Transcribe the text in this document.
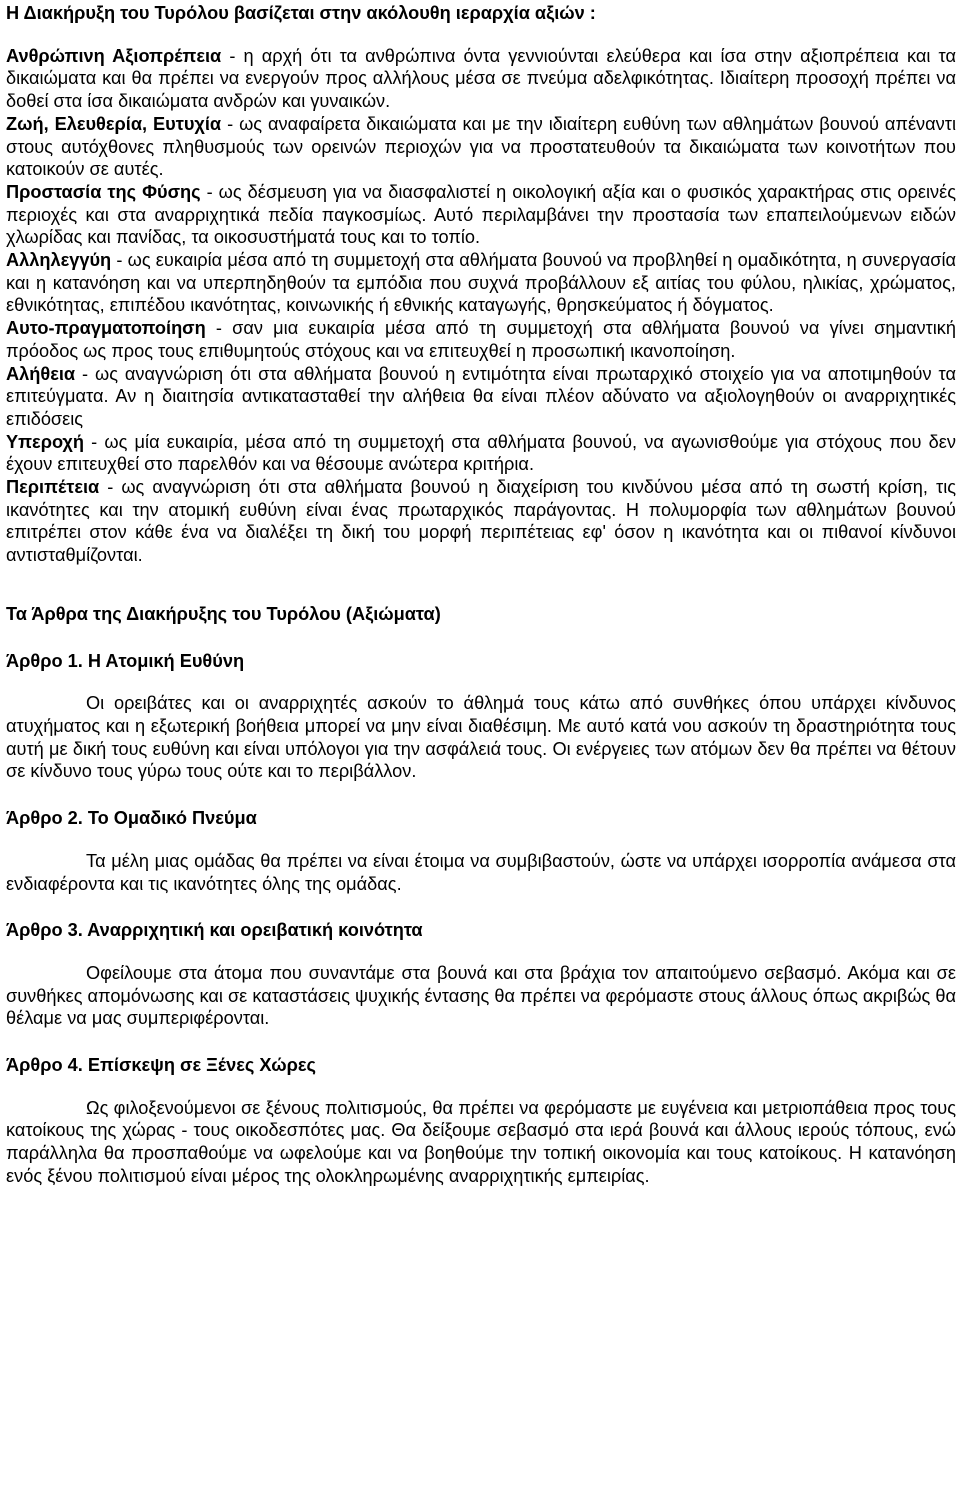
Η Διακήρυξη του Τυρόλου βασίζεται στην ακόλουθη ιεραρχία αξιών :

Ανθρώπινη Αξιοπρέπεια - η αρχή ότι τα ανθρώπινα όντα γεννιούνται ελεύθερα και ίσα στην αξιοπρέπεια και τα δικαιώματα και θα πρέπει να ενεργούν προς αλλήλους μέσα σε πνεύμα αδελφικότητας. Ιδιαίτερη προσοχή πρέπει να δοθεί στα ίσα δικαιώματα ανδρών και γυναικών.

Ζωή, Ελευθερία, Ευτυχία - ως αναφαίρετα δικαιώματα και με την ιδιαίτερη ευθύνη των αθλημάτων βουνού απέναντι στους αυτόχθονες πληθυσμούς των ορεινών περιοχών για να προστατευθούν τα δικαιώματα των κοινοτήτων που κατοικούν σε αυτές.

Προστασία της Φύσης - ως δέσμευση για να διασφαλιστεί η οικολογική αξία και ο φυσικός χαρακτήρας στις ορεινές περιοχές και στα αναρριχητικά πεδία παγκοσμίως. Αυτό περιλαμβάνει την προστασία των επαπειλούμενων ειδών χλωρίδας και πανίδας, τα οικοσυστήματά τους και το τοπίο.

Αλληλεγγύη - ως ευκαιρία μέσα από τη συμμετοχή στα αθλήματα βουνού να προβληθεί η ομαδικότητα, η συνεργασία και η κατανόηση και να υπερπηδηθούν τα εμπόδια που συχνά προβάλλουν εξ αιτίας του φύλου, ηλικίας, χρώματος, εθνικότητας, επιπέδου ικανότητας, κοινωνικής ή εθνικής καταγωγής, θρησκεύματος ή δόγματος.

Αυτο-πραγματοποίηση - σαν μια ευκαιρία μέσα από τη συμμετοχή στα αθλήματα βουνού να γίνει σημαντική πρόοδος ως προς τους επιθυμητούς στόχους και να επιτευχθεί η προσωπική ικανοποίηση.

Αλήθεια - ως αναγνώριση ότι στα αθλήματα βουνού η εντιμότητα είναι πρωταρχικό στοιχείο για να αποτιμηθούν τα επιτεύγματα. Αν η διαιτησία αντικατασταθεί την αλήθεια θα είναι πλέον αδύνατο να αξιολογηθούν οι αναρριχητικές επιδόσεις

Υπεροχή - ως μία ευκαιρία, μέσα από τη συμμετοχή στα αθλήματα βουνού, να αγωνισθούμε για στόχους που δεν έχουν επιτευχθεί στο παρελθόν και να θέσουμε ανώτερα κριτήρια.

Περιπέτεια - ως αναγνώριση ότι στα αθλήματα βουνού η διαχείριση του κινδύνου μέσα από τη σωστή κρίση, τις ικανότητες και την ατομική ευθύνη είναι ένας πρωταρχικός παράγοντας. Η πολυμορφία των αθλημάτων βουνού επιτρέπει στον κάθε ένα να διαλέξει τη δική του μορφή περιπέτειας εφ' όσον η ικανότητα και οι πιθανοί κίνδυνοι αντισταθμίζονται.

Τα Άρθρα της Διακήρυξης του Τυρόλου (Αξιώματα)
Άρθρο 1. Η Ατομική Ευθύνη

Οι ορειβάτες και οι αναρριχητές ασκούν το άθλημά τους κάτω από συνθήκες όπου υπάρχει κίνδυνος ατυχήματος και η εξωτερική βοήθεια μπορεί να μην είναι διαθέσιμη. Με αυτό κατά νου ασκούν τη δραστηριότητα τους αυτή με δική τους ευθύνη και είναι υπόλογοι για την ασφάλειά τους. Οι ενέργειες των ατόμων δεν θα πρέπει να θέτουν σε κίνδυνο τους γύρω τους ούτε και το περιβάλλον.

Άρθρο 2. Το Ομαδικό Πνεύμα

Τα μέλη μιας ομάδας θα πρέπει να είναι έτοιμα να συμβιβαστούν, ώστε να υπάρχει ισορροπία ανάμεσα στα ενδιαφέροντα και τις ικανότητες όλης της ομάδας.

Άρθρο 3. Αναρριχητική και ορειβατική κοινότητα

Οφείλουμε στα άτομα που συναντάμε στα βουνά και στα βράχια τον απαιτούμενο σεβασμό. Ακόμα και σε συνθήκες απομόνωσης και σε καταστάσεις ψυχικής έντασης θα πρέπει να φερόμαστε στους άλλους όπως ακριβώς θα θέλαμε να μας συμπεριφέρονται.

Άρθρο 4. Επίσκεψη σε Ξένες Χώρες

Ως φιλοξενούμενοι σε ξένους πολιτισμούς, θα πρέπει να φερόμαστε με ευγένεια και μετριοπάθεια προς τους κατοίκους της χώρας - τους οικοδεσπότες μας. Θα δείξουμε σεβασμό στα ιερά βουνά και άλλους ιερούς τόπους, ενώ παράλληλα θα προσπαθούμε να ωφελούμε και να βοηθούμε την τοπική οικονομία και τους κατοίκους. Η κατανόηση ενός ξένου πολιτισμού είναι μέρος της ολοκληρωμένης αναρριχητικής εμπειρίας.
